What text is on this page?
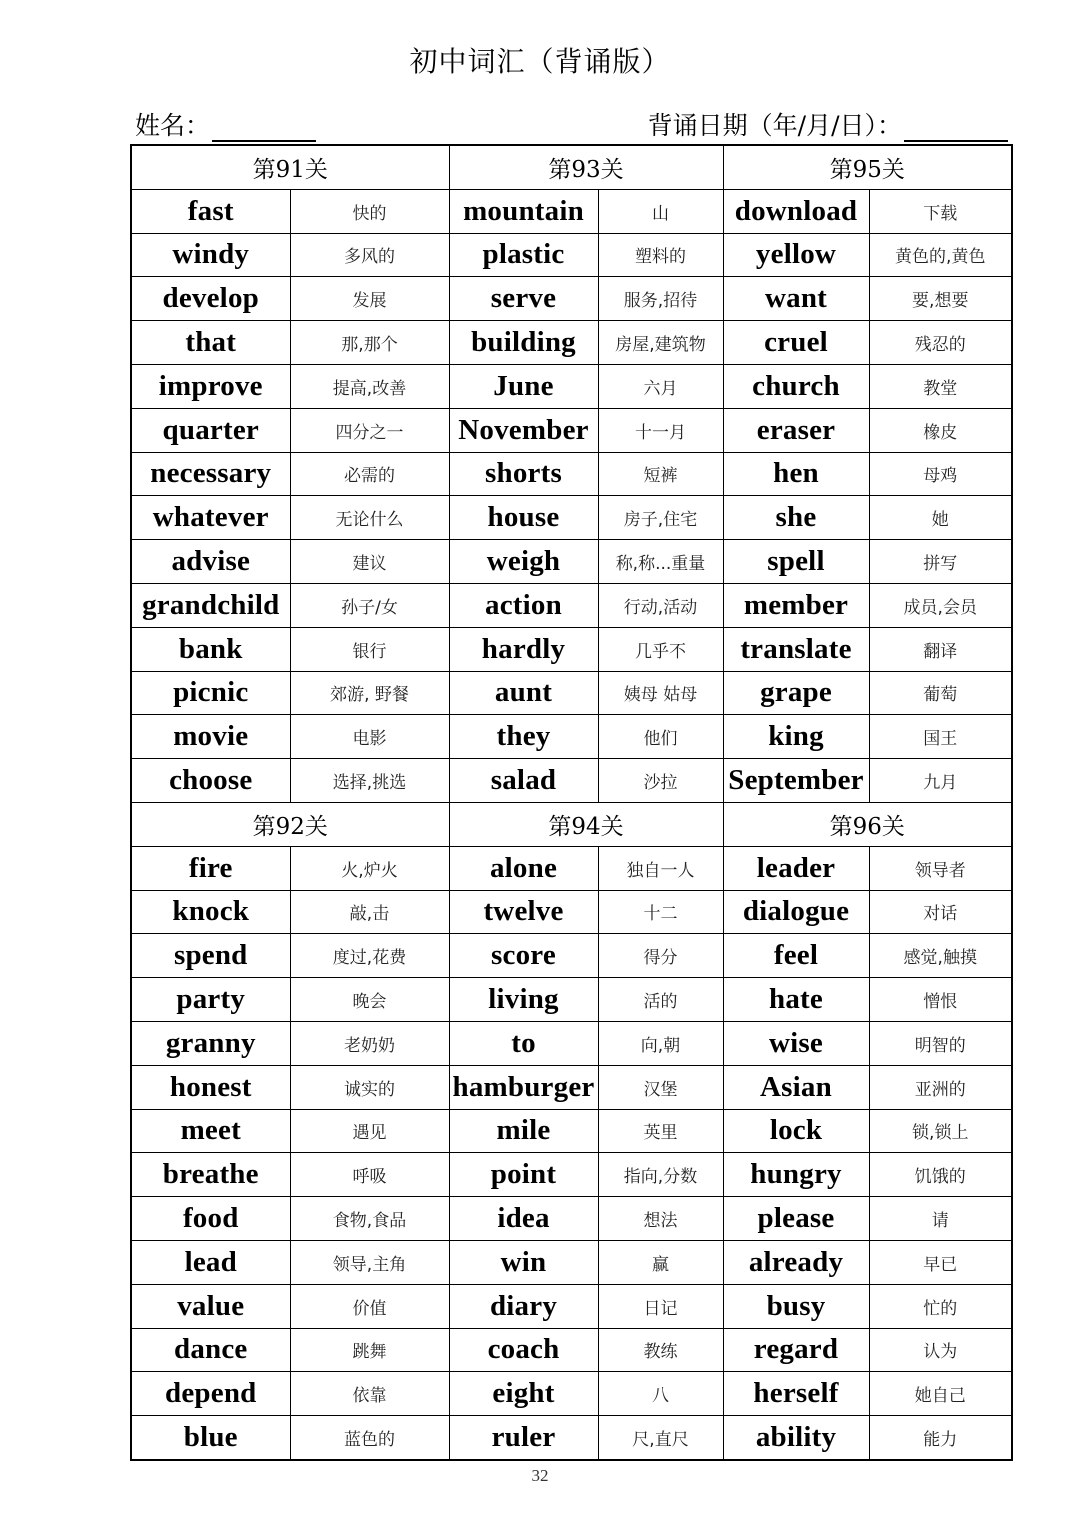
初中词汇（背诵版）
姓名：	背诵日期（年/月/日）：
第91关		第93关		第95关	
fast	快的	mountain	山	download	下载
windy	多风的	plastic	塑料的	yellow	黄色的,黄色
develop	发展	serve	服务,招待	want	要,想要
that	那,那个	building	房屋,建筑物	cruel	残忍的
improve	提高,改善	June	六月	church	教堂
quarter	四分之一	November	十一月	eraser	橡皮
necessary	必需的	shorts	短裤	hen	母鸡
whatever	无论什么	house	房子,住宅	she	她
advise	建议	weigh	称,称...重量	spell	拼写
grandchild	孙子/女	action	行动,活动	member	成员,会员
bank	银行	hardly	几乎不	translate	翻译
picnic	郊游, 野餐	aunt	姨母 姑母	grape	葡萄
movie	电影	they	他们	king	国王
choose	选择,挑选	salad	沙拉	September	九月
第92关		第94关		第96关	
fire	火,炉火	alone	独自一人	leader	领导者
knock	敲,击	twelve	十二	dialogue	对话
spend	度过,花费	score	得分	feel	感觉,触摸
party	晚会	living	活的	hate	憎恨
granny	老奶奶	to	向,朝	wise	明智的
honest	诚实的	hamburger	汉堡	Asian	亚洲的
meet	遇见	mile	英里	lock	锁,锁上
breathe	呼吸	point	指向,分数	hungry	饥饿的
food	食物,食品	idea	想法	please	请
lead	领导,主角	win	赢	already	早已
value	价值	diary	日记	busy	忙的
dance	跳舞	coach	教练	regard	认为
depend	依靠	eight	八	herself	她自己
blue	蓝色的	ruler	尺,直尺	ability	能力
32
